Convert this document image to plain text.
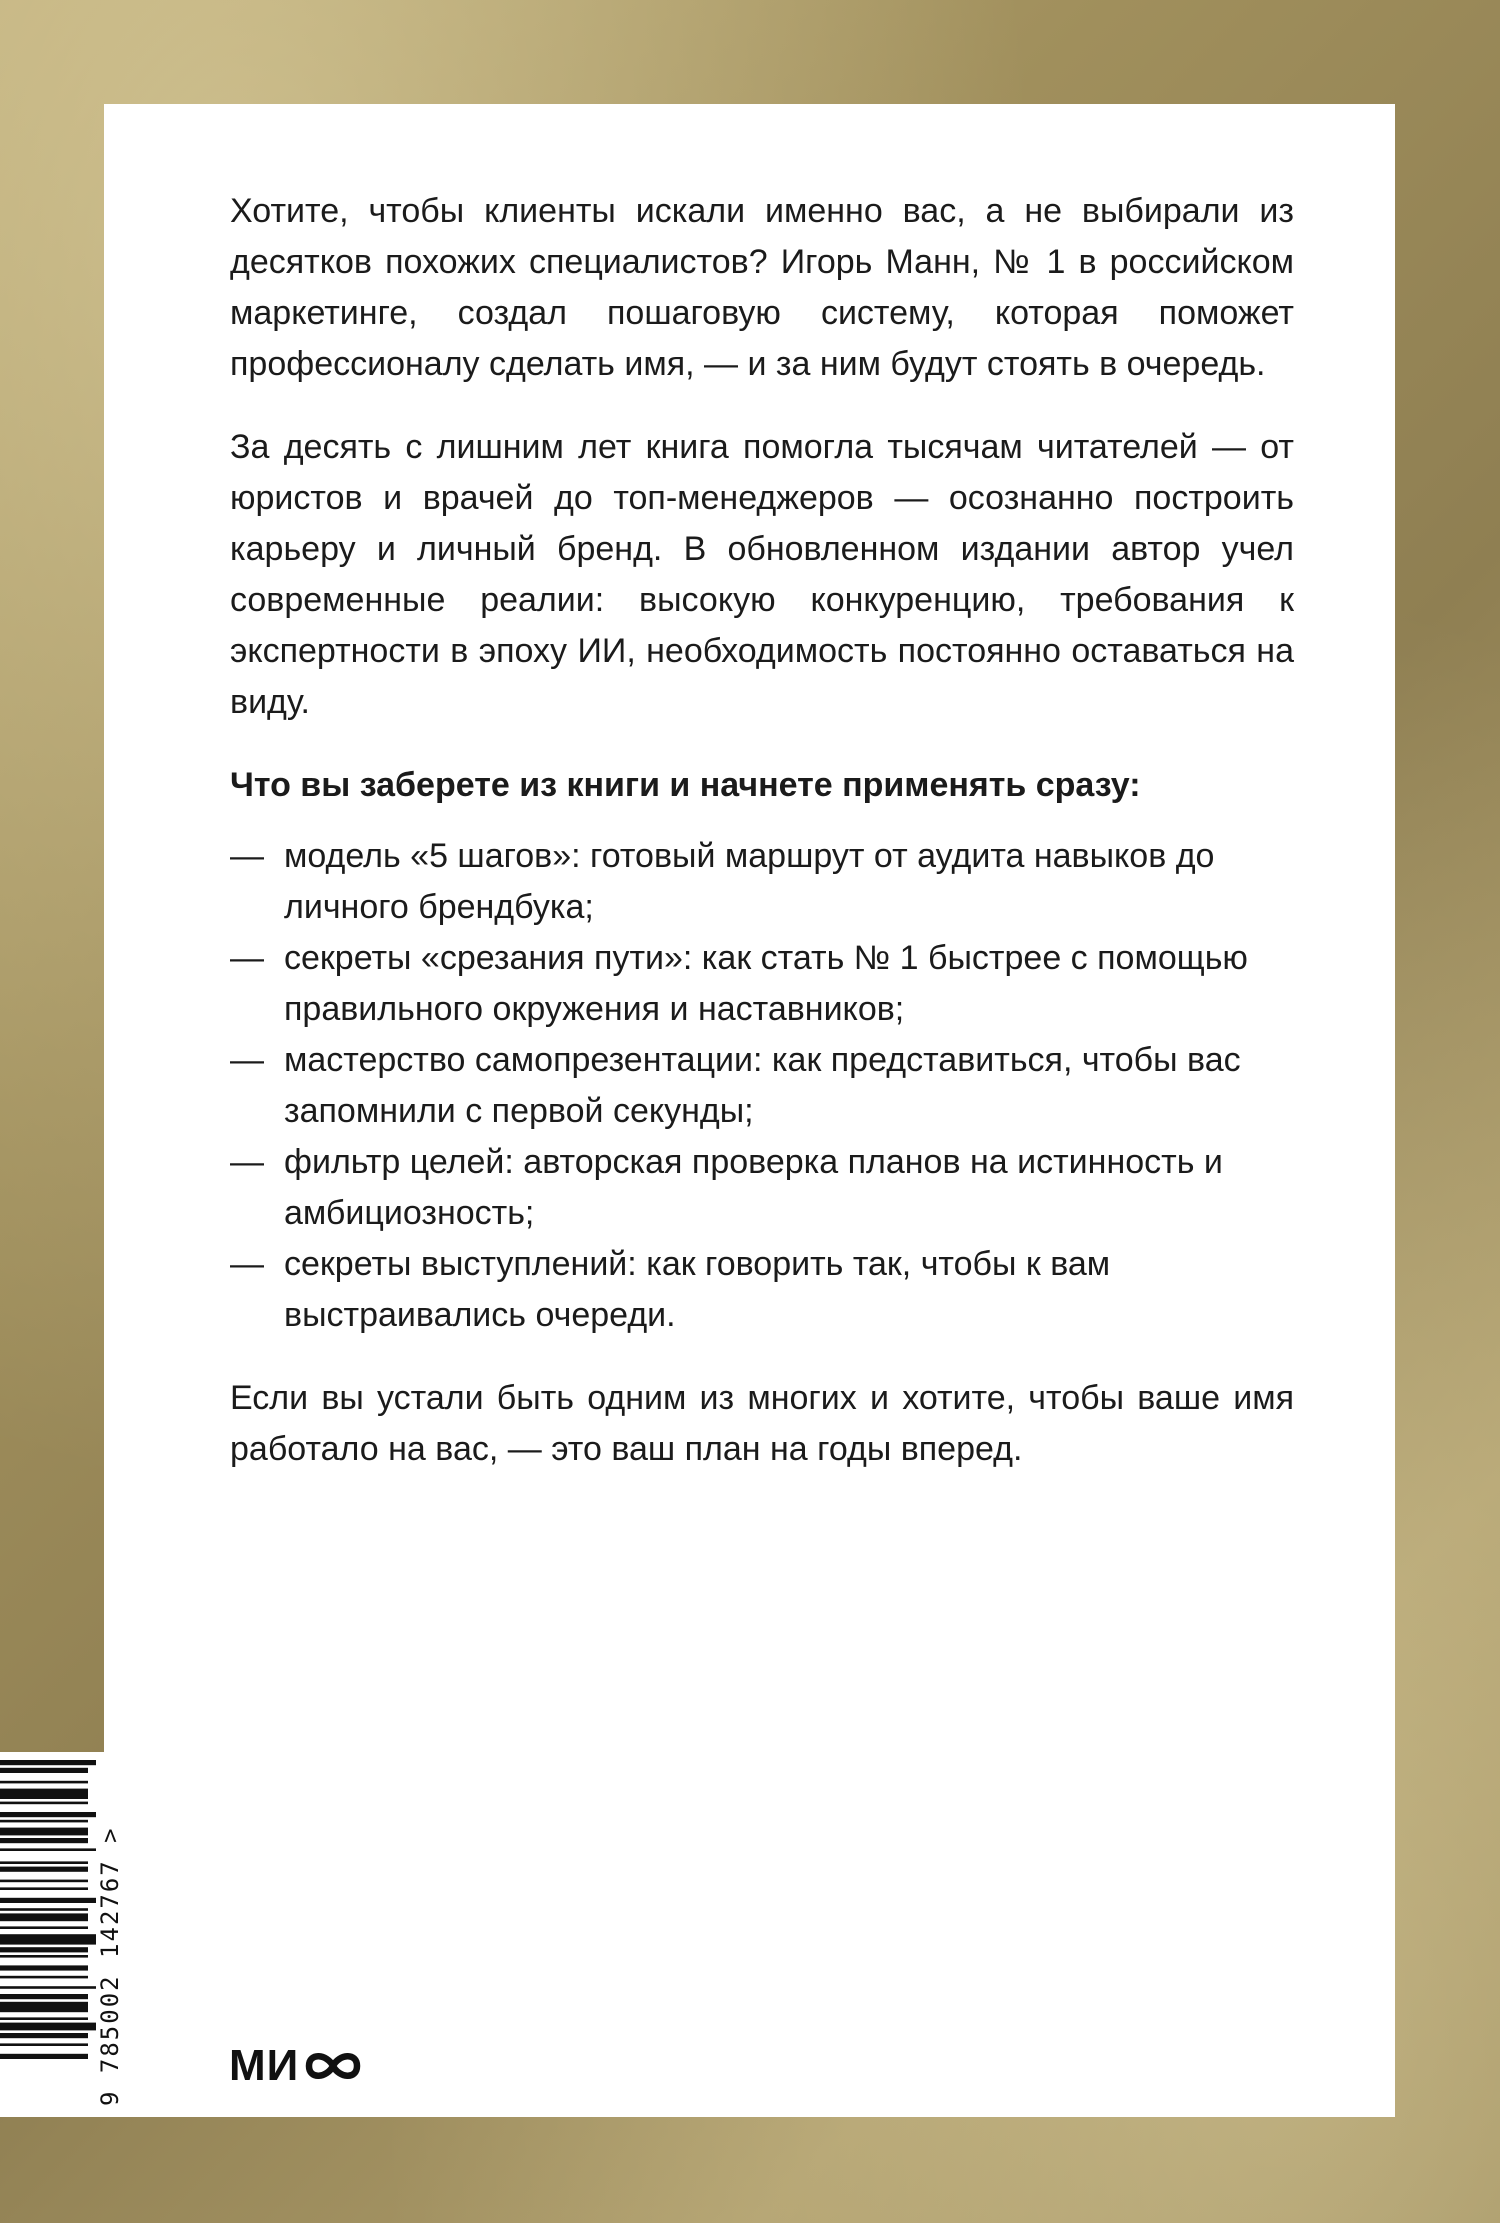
Хотите, чтобы клиенты искали именно вас, а не выбирали из десятков похожих специалистов? Игорь Манн, № 1 в российском маркетинге, создал пошаговую систему, которая поможет профессионалу сделать имя, — и за ним будут стоять в очередь.

За десять с лишним лет книга помогла тысячам читателей — от юристов и врачей до топ-менеджеров — осознанно построить карьеру и личный бренд. В обновленном издании автор учел современные реалии: высокую конкуренцию, требования к экспертности в эпоху ИИ, необходимость постоянно оставаться на виду.

Что вы заберете из книги и начнете применять сразу:

— модель «5 шагов»: готовый маршрут от аудита навыков до личного брендбука;
— секреты «срезания пути»: как стать № 1 быстрее с помощью правильного окружения и наставников;
— мастерство самопрезентации: как представиться, чтобы вас запомнили с первой секунды;
— фильтр целей: авторская проверка планов на истинность и амбициозность;
— секреты выступлений: как говорить так, чтобы к вам выстраивались очереди.

Если вы устали быть одним из многих и хотите, чтобы ваше имя работало на вас, — это ваш план на годы вперед.

9 785002 142767 >	МИ
